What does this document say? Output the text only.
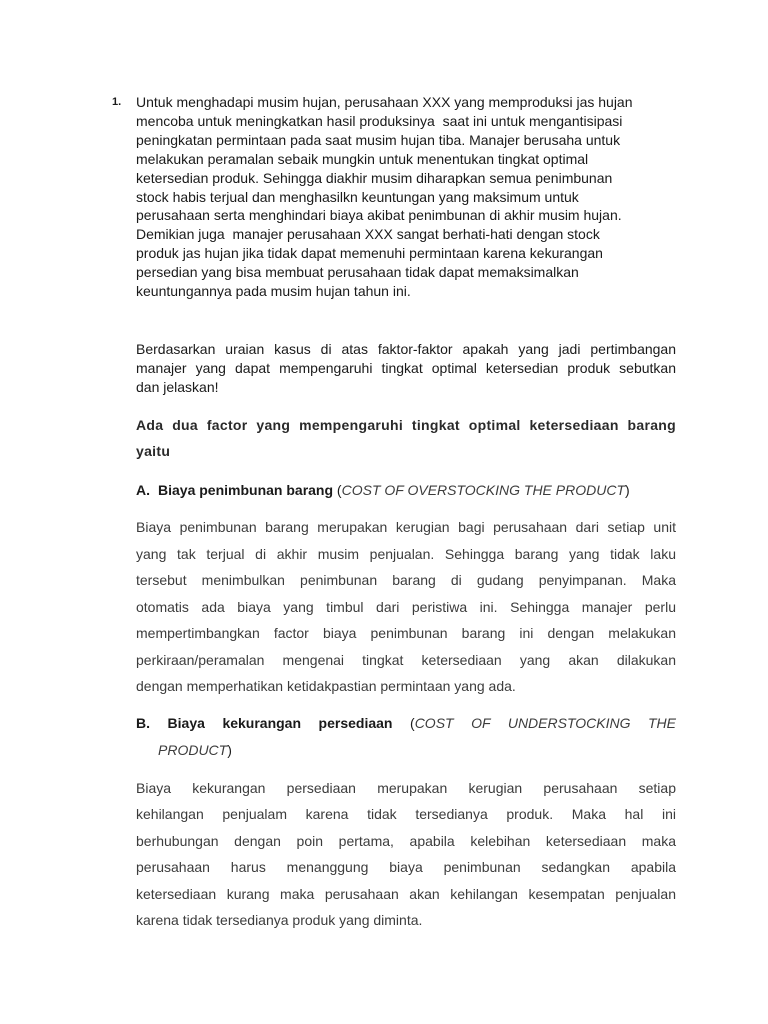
1. Untuk menghadapi musim hujan, perusahaan XXX yang memproduksi jas hujan
mencoba untuk meningkatkan hasil produksinya  saat ini untuk mengantisipasi
peningkatan permintaan pada saat musim hujan tiba. Manajer berusaha untuk
melakukan peramalan sebaik mungkin untuk menentukan tingkat optimal
ketersedian produk. Sehingga diakhir musim diharapkan semua penimbunan
stock habis terjual dan menghasilkn keuntungan yang maksimum untuk
perusahaan serta menghindari biaya akibat penimbunan di akhir musim hujan.
Demikian juga  manajer perusahaan XXX sangat berhati-hati dengan stock
produk jas hujan jika tidak dapat memenuhi permintaan karena kekurangan
persedian yang bisa membuat perusahaan tidak dapat memaksimalkan
keuntungannya pada musim hujan tahun ini.
Berdasarkan uraian kasus di atas faktor-faktor apakah yang jadi pertimbangan
manajer yang dapat mempengaruhi tingkat optimal ketersedian produk sebutkan
dan jelaskan!
Ada dua factor yang mempengaruhi tingkat optimal ketersediaan barang
yaitu
A. Biaya penimbunan barang (COST OF OVERSTOCKING THE PRODUCT)
Biaya penimbunan barang merupakan kerugian bagi perusahaan dari setiap unit
yang tak terjual di akhir musim penjualan. Sehingga barang yang tidak laku
tersebut menimbulkan penimbunan barang di gudang penyimpanan. Maka
otomatis ada biaya yang timbul dari peristiwa ini. Sehingga manajer perlu
mempertimbangkan factor biaya penimbunan barang ini dengan melakukan
perkiraan/peramalan mengenai tingkat ketersediaan yang akan dilakukan
dengan memperhatikan ketidakpastian permintaan yang ada.
B. Biaya kekurangan persediaan (COST OF UNDERSTOCKING THE
PRODUCT)
Biaya kekurangan persediaan merupakan kerugian perusahaan setiap
kehilangan penjualam karena tidak tersedianya produk. Maka hal ini
berhubungan dengan poin pertama, apabila kelebihan ketersediaan maka
perusahaan harus menanggung biaya penimbunan sedangkan apabila
ketersediaan kurang maka perusahaan akan kehilangan kesempatan penjualan
karena tidak tersedianya produk yang diminta.
